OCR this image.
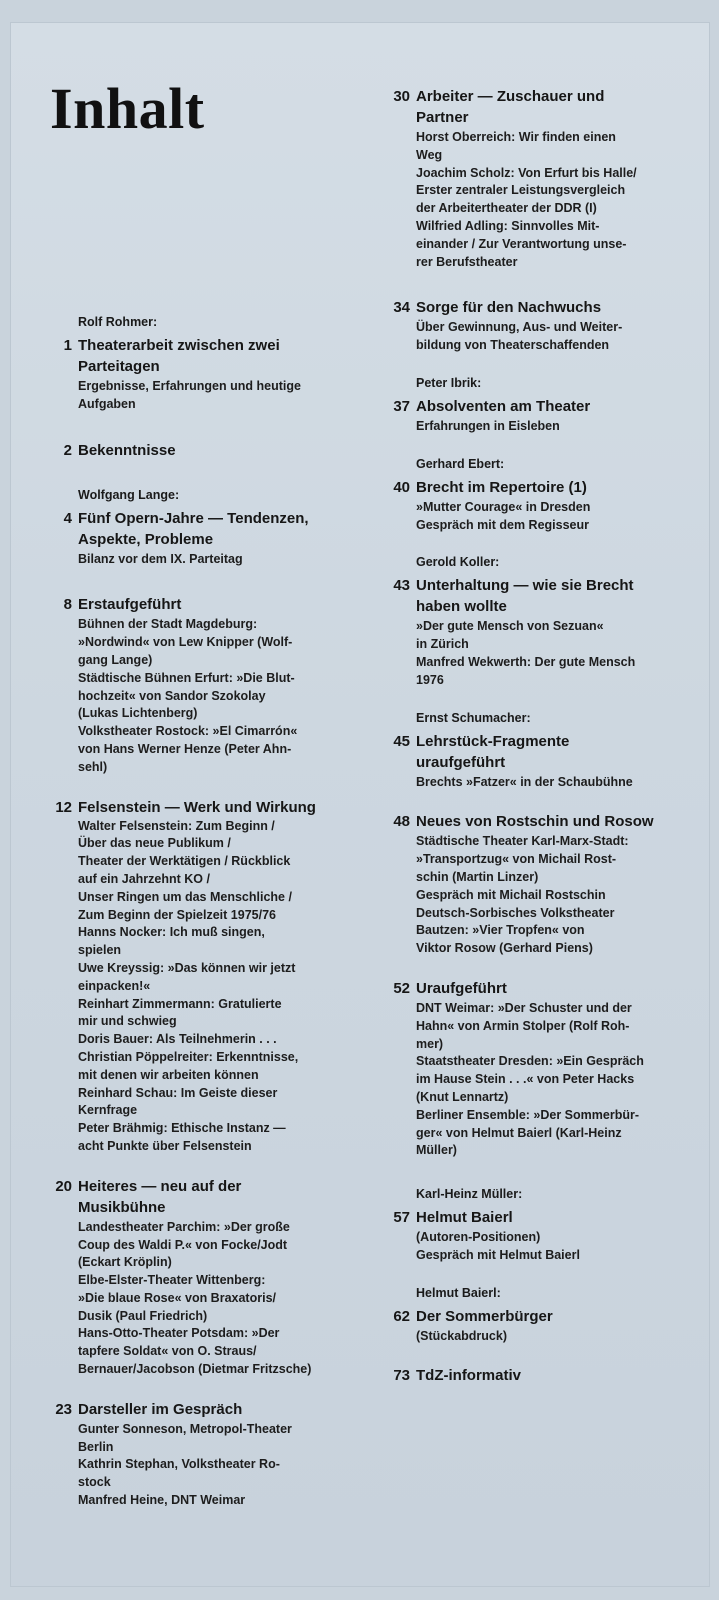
Inhalt
Rolf Rohmer:
1 Theaterarbeit zwischen zwei
Parteitagen
Ergebnisse, Erfahrungen und heutige
Aufgaben
2 Bekenntnisse
Wolfgang Lange:
4 Fünf Opern-Jahre — Tendenzen,
Aspekte, Probleme
Bilanz vor dem IX. Parteitag
8 Erstaufgeführt
Bühnen der Stadt Magdeburg:
»Nordwind« von Lew Knipper (Wolf-
gang Lange)
Städtische Bühnen Erfurt: »Die Blut-
hochzeit« von Sandor Szokolay
(Lukas Lichtenberg)
Volkstheater Rostock: »El Cimarrón«
von Hans Werner Henze (Peter Ahn-
sehl)
12 Felsenstein — Werk und Wirkung
Walter Felsenstein: Zum Beginn /
Über das neue Publikum /
Theater der Werktätigen / Rückblick
auf ein Jahrzehnt KO /
Unser Ringen um das Menschliche /
Zum Beginn der Spielzeit 1975/76
Hanns Nocker: Ich muß singen,
spielen
Uwe Kreyssig: »Das können wir jetzt
einpacken!«
Reinhart Zimmermann: Gratulierte
mir und schwieg
Doris Bauer: Als Teilnehmerin . . .
Christian Pöppelreiter: Erkenntnisse,
mit denen wir arbeiten können
Reinhard Schau: Im Geiste dieser
Kernfrage
Peter Brähmig: Ethische Instanz —
acht Punkte über Felsenstein
20 Heiteres — neu auf der
Musikbühne
Landestheater Parchim: »Der große
Coup des Waldi P.« von Focke/Jodt
(Eckart Kröplin)
Elbe-Elster-Theater Wittenberg:
»Die blaue Rose« von Braxatoris/
Dusik (Paul Friedrich)
Hans-Otto-Theater Potsdam: »Der
tapfere Soldat« von O. Straus/
Bernauer/Jacobson (Dietmar Fritzsche)
23 Darsteller im Gespräch
Gunter Sonneson, Metropol-Theater
Berlin
Kathrin Stephan, Volkstheater Ro-
stock
Manfred Heine, DNT Weimar
30 Arbeiter — Zuschauer und
Partner
Horst Oberreich: Wir finden einen
Weg
Joachim Scholz: Von Erfurt bis Halle/
Erster zentraler Leistungsvergleich
der Arbeitertheater der DDR (I)
Wilfried Adling: Sinnvolles Mit-
einander / Zur Verantwortung unse-
rer Berufstheater
34 Sorge für den Nachwuchs
Über Gewinnung, Aus- und Weiter-
bildung von Theaterschaffenden
Peter Ibrik:
37 Absolventen am Theater
Erfahrungen in Eisleben
Gerhard Ebert:
40 Brecht im Repertoire (1)
»Mutter Courage« in Dresden
Gespräch mit dem Regisseur
Gerold Koller:
43 Unterhaltung — wie sie Brecht
haben wollte
»Der gute Mensch von Sezuan«
in Zürich
Manfred Wekwerth: Der gute Mensch
1976
Ernst Schumacher:
45 Lehrstück-Fragmente
uraufgeführt
Brechts »Fatzer« in der Schaubühne
48 Neues von Rostschin und Rosow
Städtische Theater Karl-Marx-Stadt:
»Transportzug« von Michail Rost-
schin (Martin Linzer)
Gespräch mit Michail Rostschin
Deutsch-Sorbisches Volkstheater
Bautzen: »Vier Tropfen« von
Viktor Rosow (Gerhard Piens)
52 Uraufgeführt
DNT Weimar: »Der Schuster und der
Hahn« von Armin Stolper (Rolf Roh-
mer)
Staatstheater Dresden: »Ein Gespräch
im Hause Stein . . .« von Peter Hacks
(Knut Lennartz)
Berliner Ensemble: »Der Sommerbür-
ger« von Helmut Baierl (Karl-Heinz
Müller)
Karl-Heinz Müller:
57 Helmut Baierl
(Autoren-Positionen)
Gespräch mit Helmut Baierl
Helmut Baierl:
62 Der Sommerbürger
(Stückabdruck)
73 TdZ-informativ
